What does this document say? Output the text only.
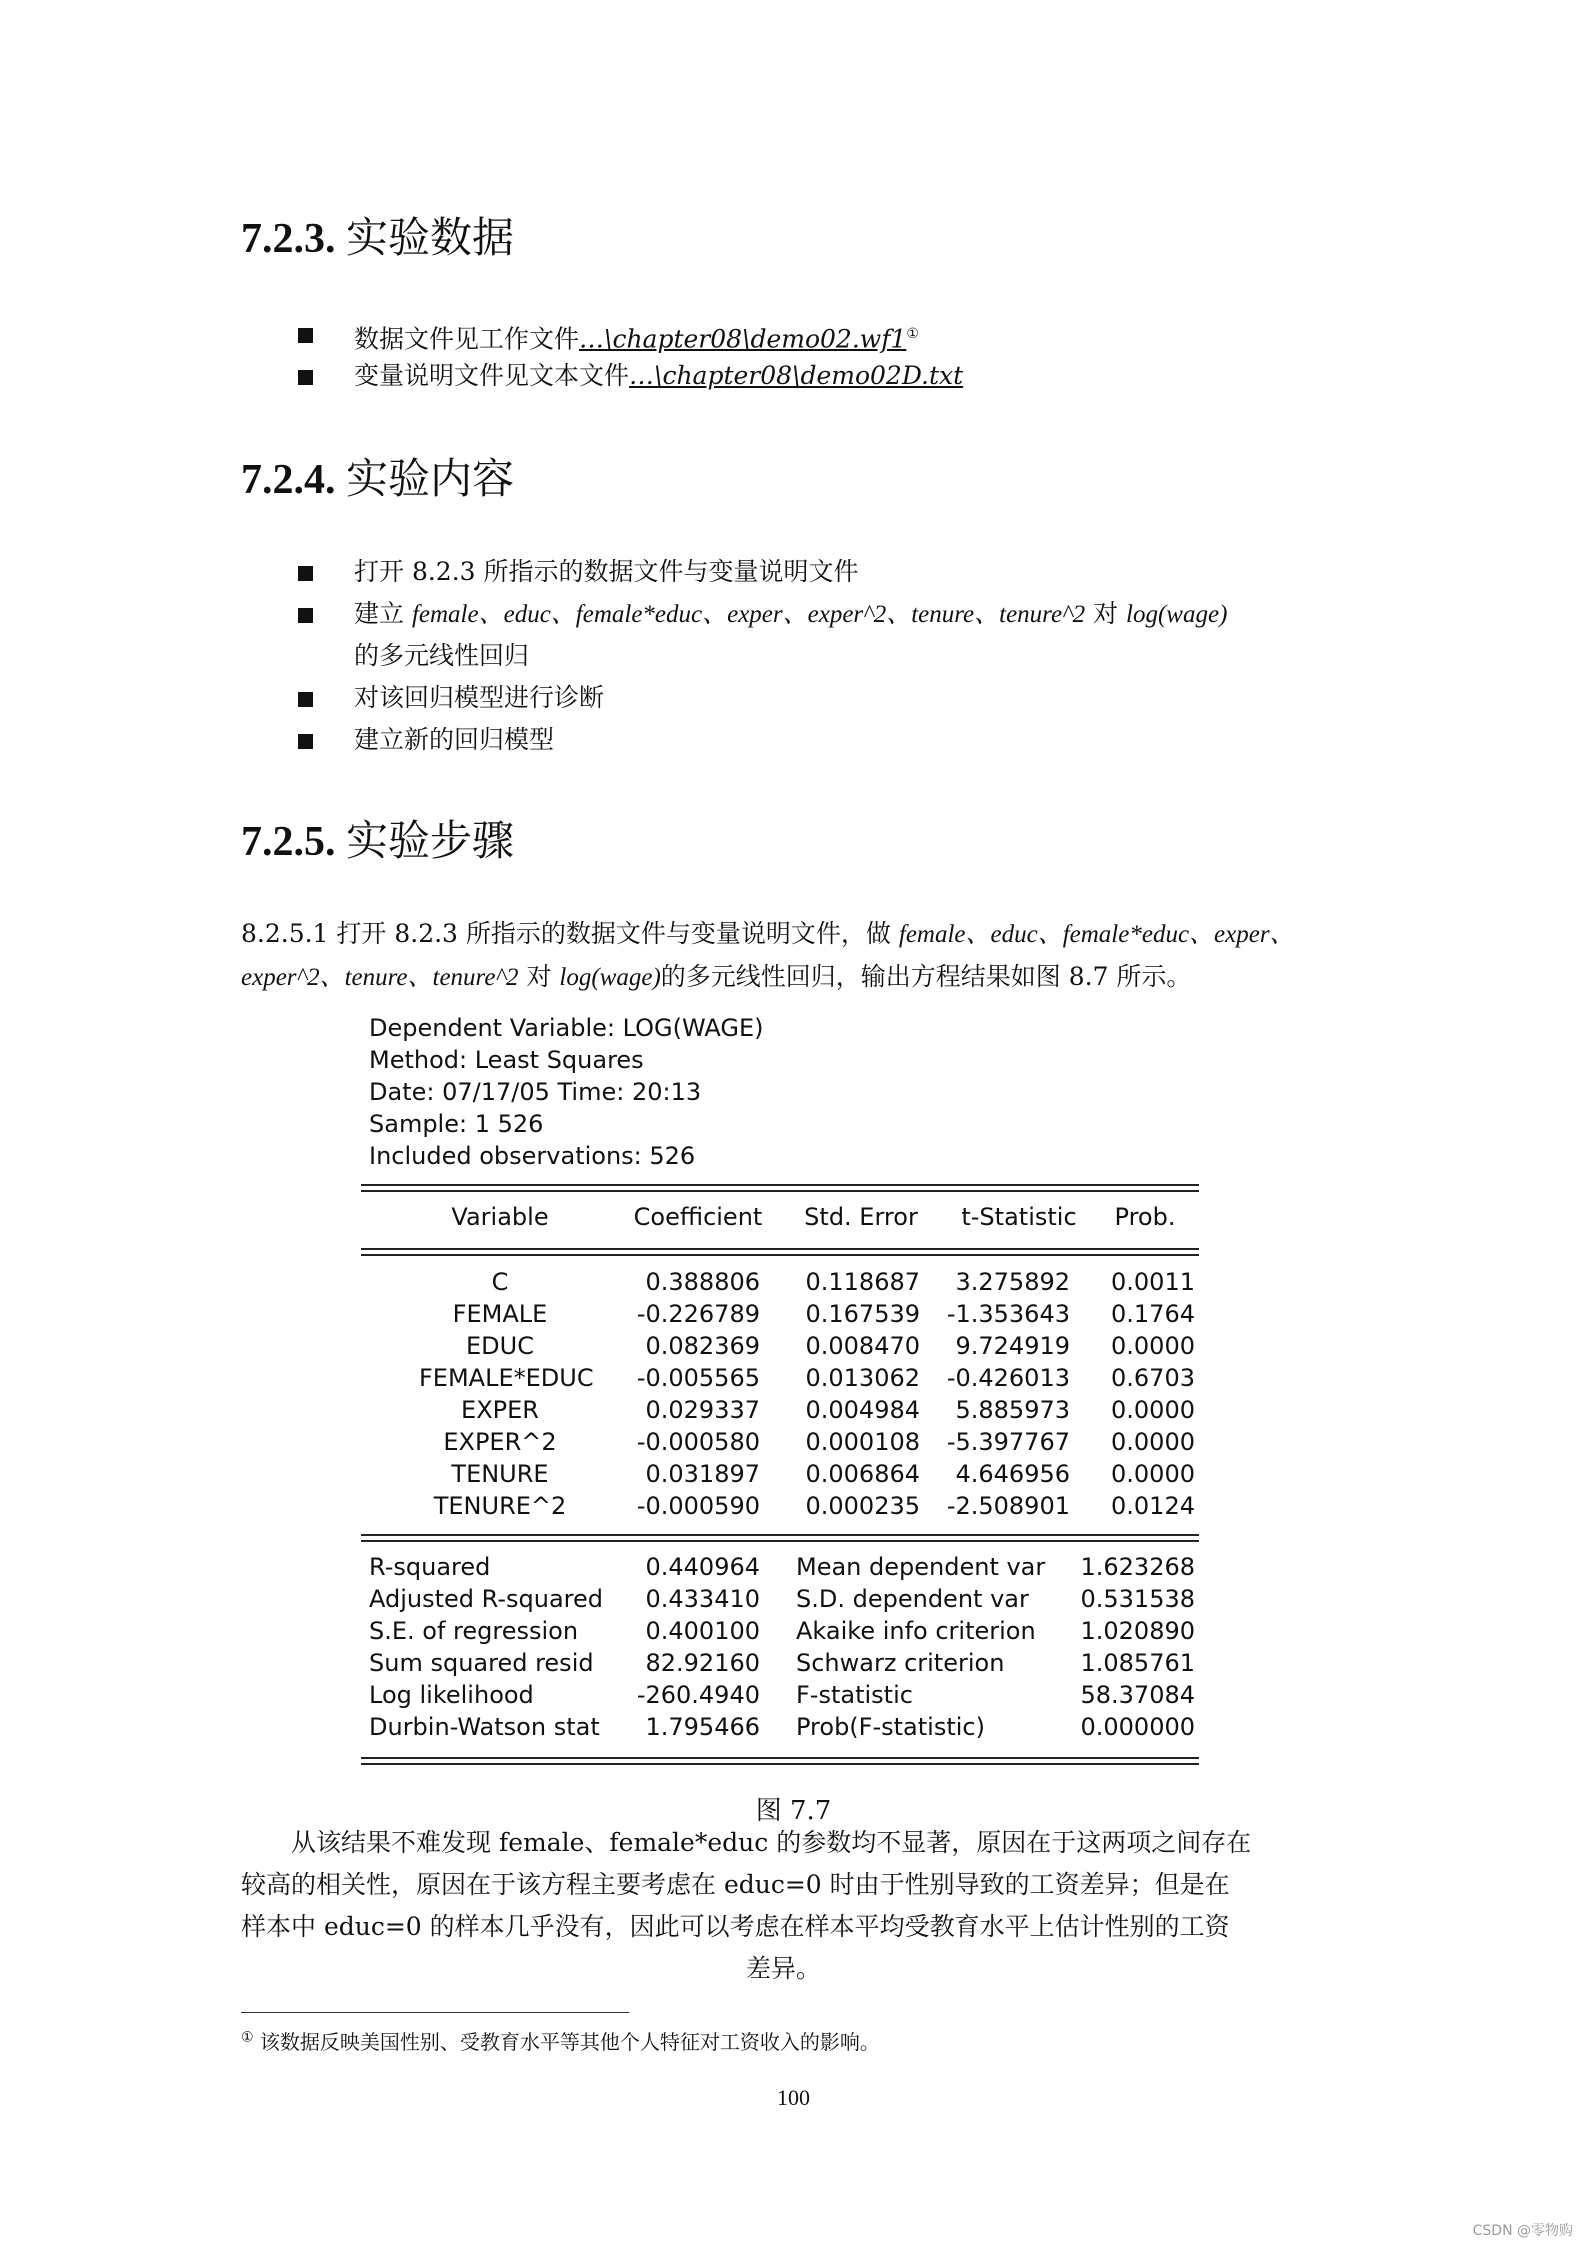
7.2.3. 实验数据
数据文件见工作文件…\chapter08\demo02.wf1①
变量说明文件见文本文件…\chapter08\demo02D.txt
7.2.4. 实验内容
打开 8.2.3 所指示的数据文件与变量说明文件
建立 female、educ、female*educ、exper、exper^2、tenure、tenure^2 对 log(wage)
的多元线性回归
对该回归模型进行诊断
建立新的回归模型
7.2.5. 实验步骤
8.2.5.1 打开 8.2.3 所指示的数据文件与变量说明文件，做 female、educ、female*educ、exper、
exper^2、tenure、tenure^2 对 log(wage)的多元线性回归，输出方程结果如图 8.7 所示。
Dependent Variable: LOG(WAGE)
Method: Least Squares
Date: 07/17/05 Time: 20:13
Sample: 1 526
Included observations: 526
Variable	Coefficient	Std. Error	t-Statistic	Prob.
C	0.388806	0.118687	3.275892	0.0011
FEMALE	-0.226789	0.167539	-1.353643	0.1764
EDUC	0.082369	0.008470	9.724919	0.0000
FEMALE*EDUC	-0.005565	0.013062	-0.426013	0.6703
EXPER	0.029337	0.004984	5.885973	0.0000
EXPER^2	-0.000580	0.000108	-5.397767	0.0000
TENURE	0.031897	0.006864	4.646956	0.0000
TENURE^2	-0.000590	0.000235	-2.508901	0.0124
R-squared	0.440964 Mean dependent var	1.623268
Adjusted R-squared	0.433410 S.D. dependent var	0.531538
S.E. of regression	0.400100 Akaike info criterion	1.020890
Sum squared resid	82.92160 Schwarz criterion	1.085761
Log likelihood	-260.4940 F-statistic	58.37084
Durbin-Watson stat	1.795466 Prob(F-statistic)	0.000000
图 7.7
从该结果不难发现 female、female*educ 的参数均不显著，原因在于这两项之间存在
较高的相关性，原因在于该方程主要考虑在 educ=0 时由于性别导致的工资差异；但是在
样本中 educ=0 的样本几乎没有，因此可以考虑在样本平均受教育水平上估计性别的工资
差异。
① 该数据反映美国性别、受教育水平等其他个人特征对工资收入的影响。
100
CSDN @零物购
